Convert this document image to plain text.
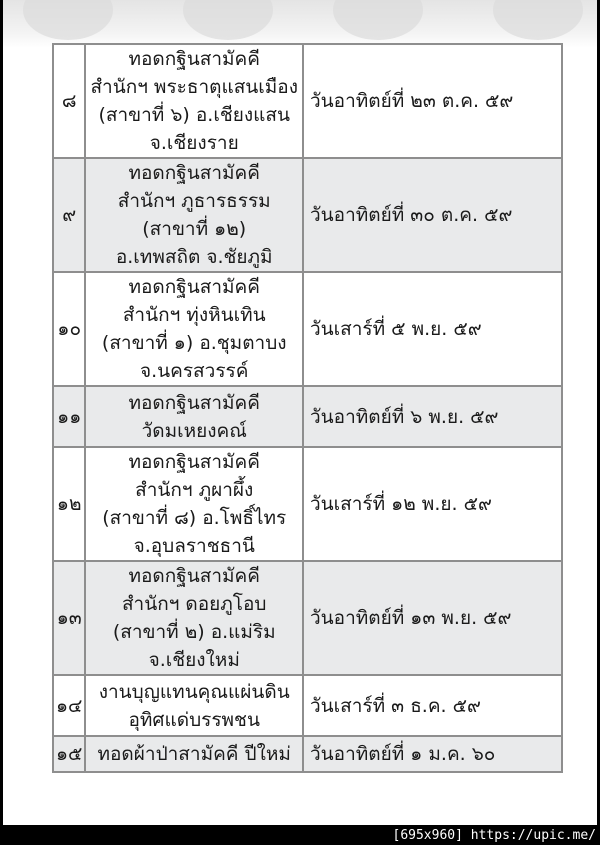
๘	ทอดกฐินสามัคคี
สำนักฯ พระธาตุแสนเมือง
(สาขาที่ ๖) อ.เชียงแสน
จ.เชียงราย	วันอาทิตย์ที่ ๒๓ ต.ค. ๕๙
๙	ทอดกฐินสามัคคี
สำนักฯ ภูธารธรรม
(สาขาที่ ๑๒)
อ.เทพสถิต จ.ชัยภูมิ	วันอาทิตย์ที่ ๓๐ ต.ค. ๕๙
๑๐	ทอดกฐินสามัคคี
สำนักฯ ทุ่งหินเทิน
(สาขาที่ ๑) อ.ชุมตาบง
จ.นครสวรรค์	วันเสาร์ที่ ๕ พ.ย. ๕๙
๑๑	ทอดกฐินสามัคคี
วัดมเหยงคณ์	วันอาทิตย์ที่ ๖ พ.ย. ๕๙
๑๒	ทอดกฐินสามัคคี
สำนักฯ ภูผาผึ้ง
(สาขาที่ ๘) อ.โพธิ์ไทร
จ.อุบลราชธานี	วันเสาร์ที่ ๑๒ พ.ย. ๕๙
๑๓	ทอดกฐินสามัคคี
สำนักฯ ดอยภูโอบ
(สาขาที่ ๒) อ.แม่ริม
จ.เชียงใหม่	วันอาทิตย์ที่ ๑๓ พ.ย. ๕๙
๑๔	งานบุญแทนคุณแผ่นดิน
อุทิศแด่บรรพชน	วันเสาร์ที่ ๓ ธ.ค. ๕๙
๑๕	ทอดผ้าป่าสามัคคี ปีใหม่	วันอาทิตย์ที่ ๑ ม.ค. ๖๐
[695x960] https://upic.me/
